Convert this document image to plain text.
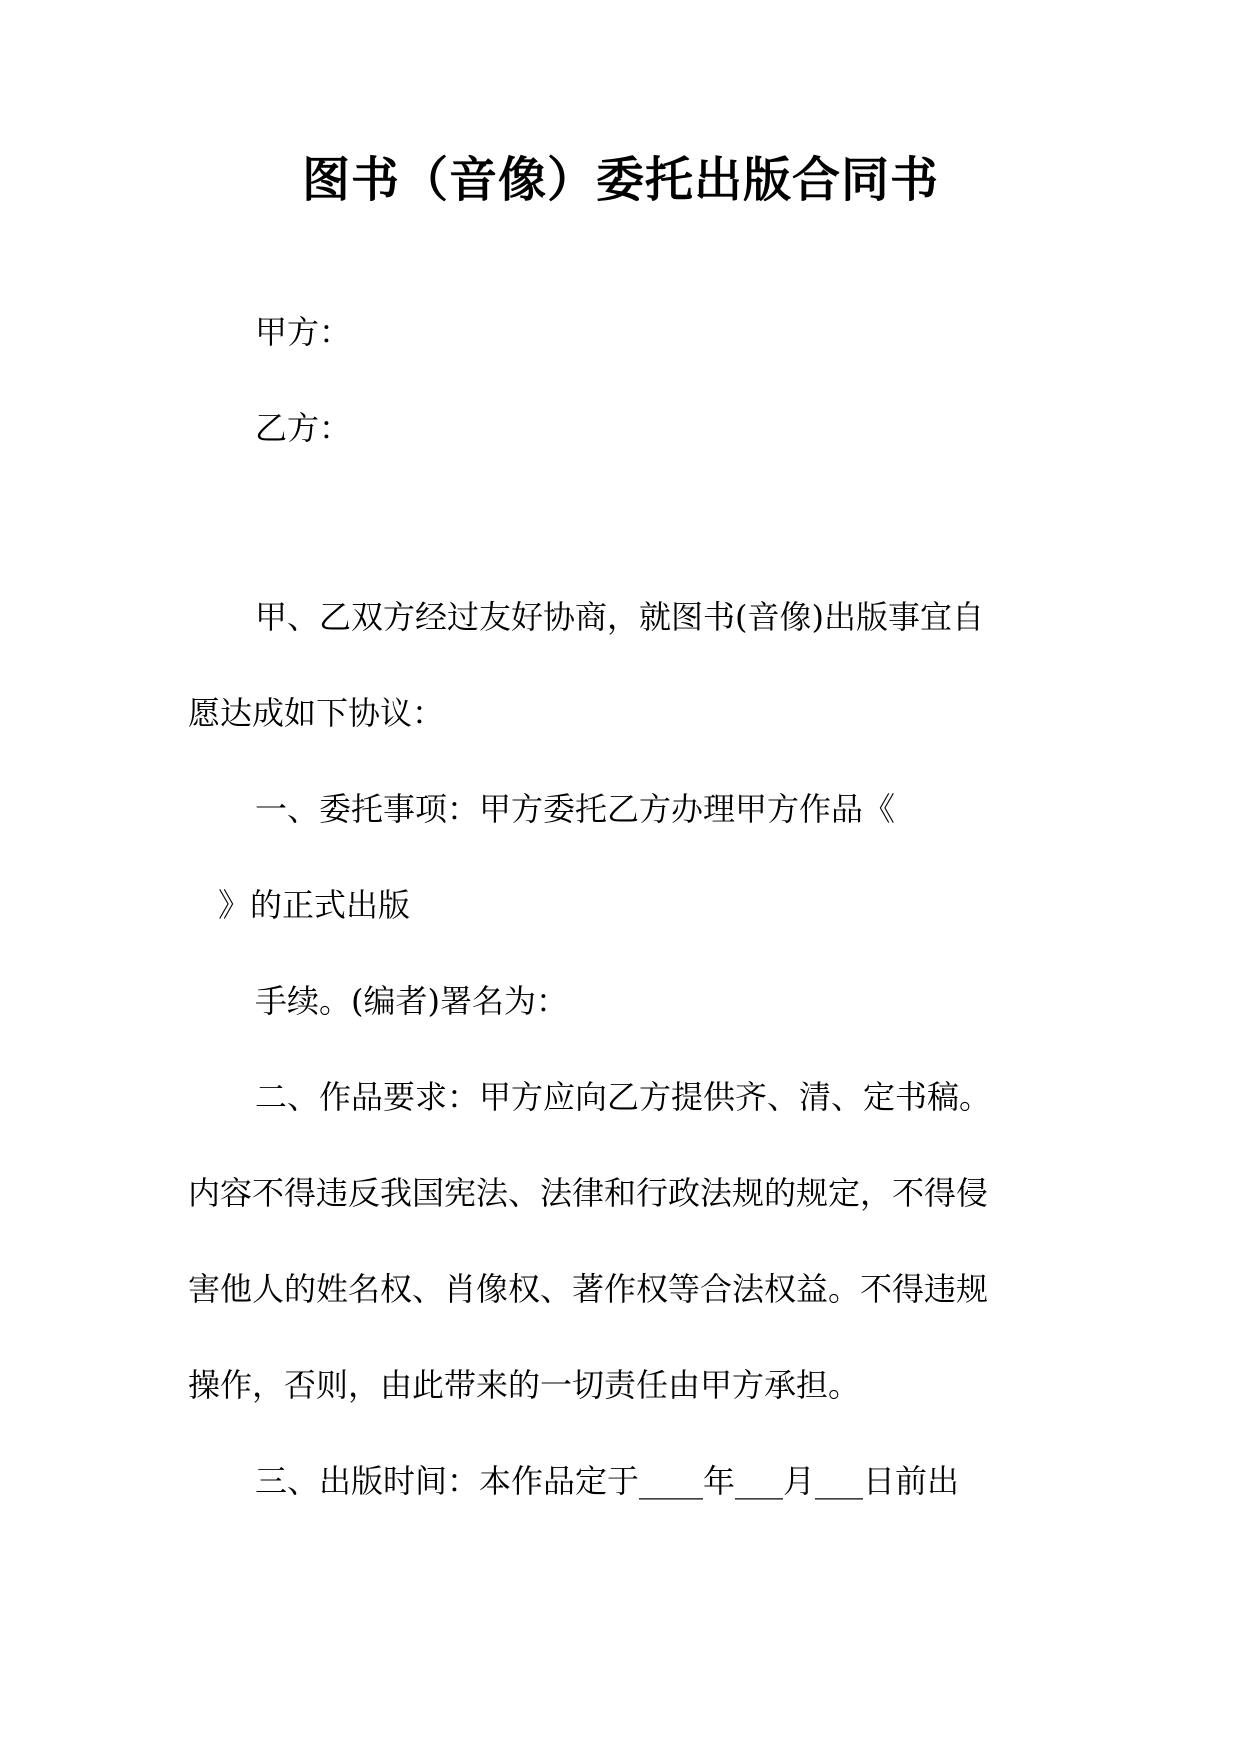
图书（音像）委托出版合同书
甲方：
乙方：
甲、乙双方经过友好协商，就图书(音像)出版事宜自
愿达成如下协议：
一、委托事项：甲方委托乙方办理甲方作品《
》的正式出版
手续。(编者)署名为：
二、作品要求：甲方应向乙方提供齐、清、定书稿。
内容不得违反我国宪法、法律和行政法规的规定，不得侵
害他人的姓名权、肖像权、著作权等合法权益。不得违规
操作，否则，由此带来的一切责任由甲方承担。
三、出版时间：本作品定于____年___月___日前出
